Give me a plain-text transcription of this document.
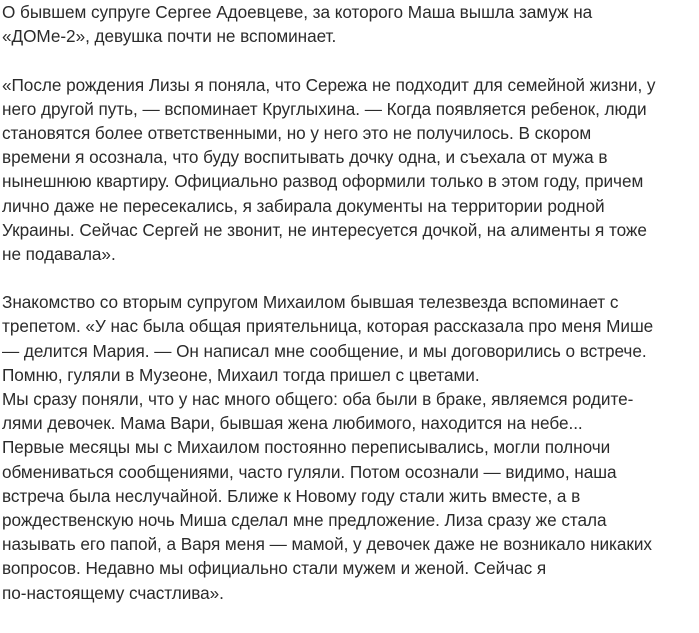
О бывшем супруге Сергее Адоевцеве, за которого Маша вышла замуж на
«ДОМе-2», девушка почти не вспоминает.
«После рождения Лизы я поняла, что Сережа не подходит для семейной жизни, у
него другой путь, — вспоминает Круглыхина. — Когда появляется ребенок, люди
становятся более ответственными, но у него это не получилось. В скором
времени я осознала, что буду воспитывать дочку одна, и съехала от мужа в
нынешнюю квартиру. Официально развод оформили только в этом году, причем
лично даже не пересекались, я забирала документы на территории родной
Украины. Сейчас Сергей не звонит, не интересуется дочкой, на алименты я тоже
не подавала».
Знакомство со вторым супругом Михаилом бывшая телезвезда вспоминает с
трепетом. «У нас была общая приятельница, которая рассказала про меня Мише
— делится Мария. — Он написал мне сообщение, и мы договорились о встрече.
Помню, гуляли в Музеоне, Михаил тогда пришел с цветами.
Мы сразу поняли, что у нас много общего: оба были в браке, являемся родите-
лями девочек. Мама Вари, бывшая жена любимого, находится на небе...
Первые месяцы мы с Михаилом постоянно переписывались, могли полночи
обмениваться сообщениями, часто гуляли. Потом осознали — видимо, наша
встреча была неслучайной. Ближе к Новому году стали жить вместе, а в
рождественскую ночь Миша сделал мне предложение. Лиза сразу же стала
называть его папой, а Варя меня — мамой, у девочек даже не возникало никаких
вопросов. Недавно мы официально стали мужем и женой. Сейчас я
по-настоящему счастлива».
